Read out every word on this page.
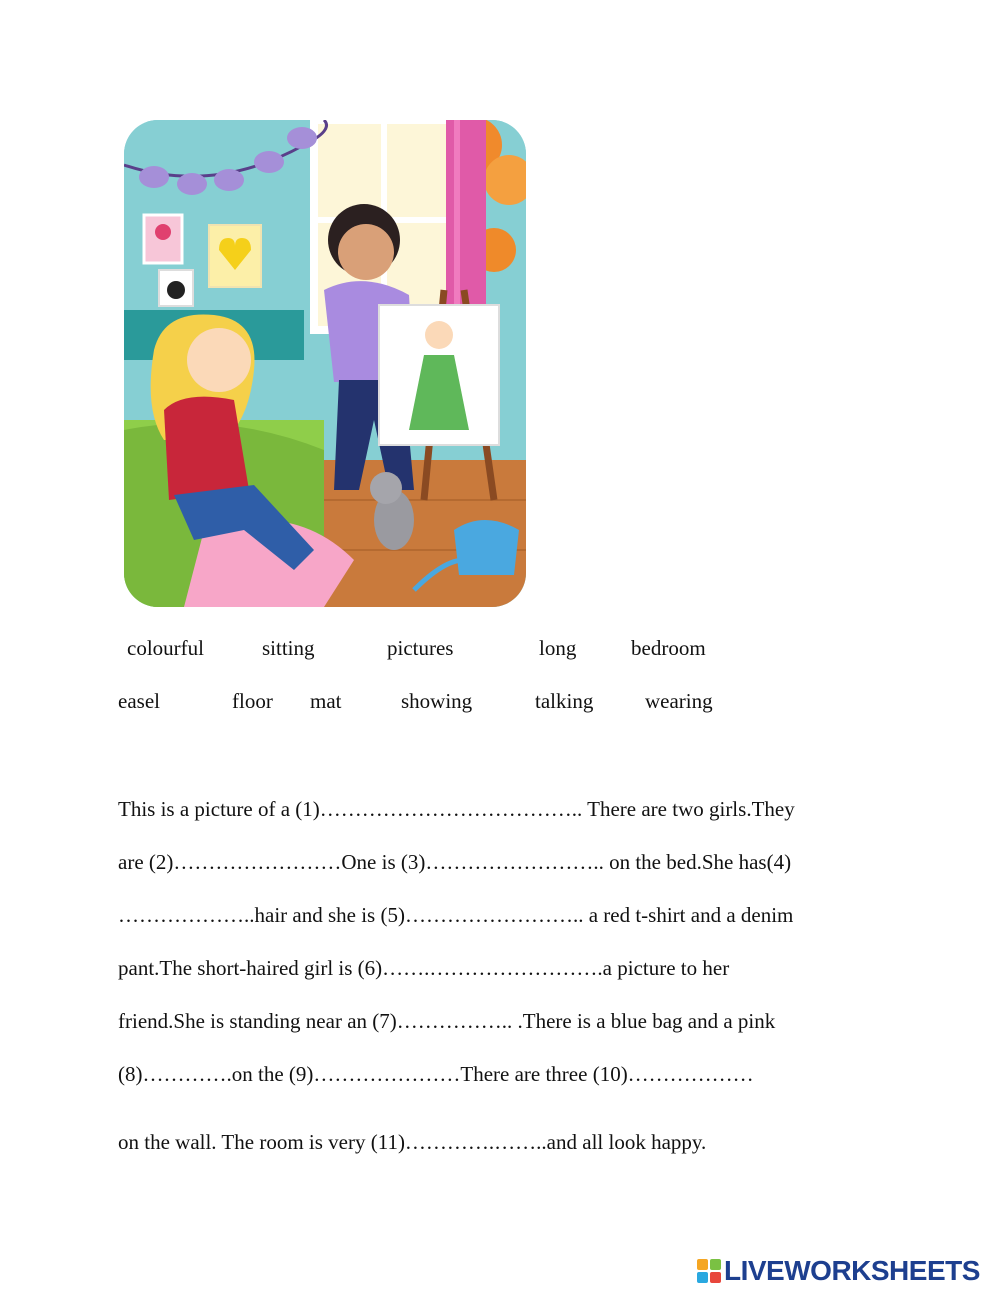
colourful	sitting	pictures	long	bedroom
easel	floor mat	showing	talking wearing
This is a picture of a (1)……………………………….. There are two girls.They
are (2)……………………One is (3)…………………….. on the bed.She has(4)
………………..hair and she is (5)…………………….. a red t-shirt and a denim
pant.The short-haired girl is (6)…….…………………….a picture to her
friend.She is standing near an (7)…………….. .There is a blue bag and a pink
(8)………….on the (9)…………………There are three (10)………………
on the wall. The room is very (11)………….……..and all look happy.
LIVEWORKSHEETS
